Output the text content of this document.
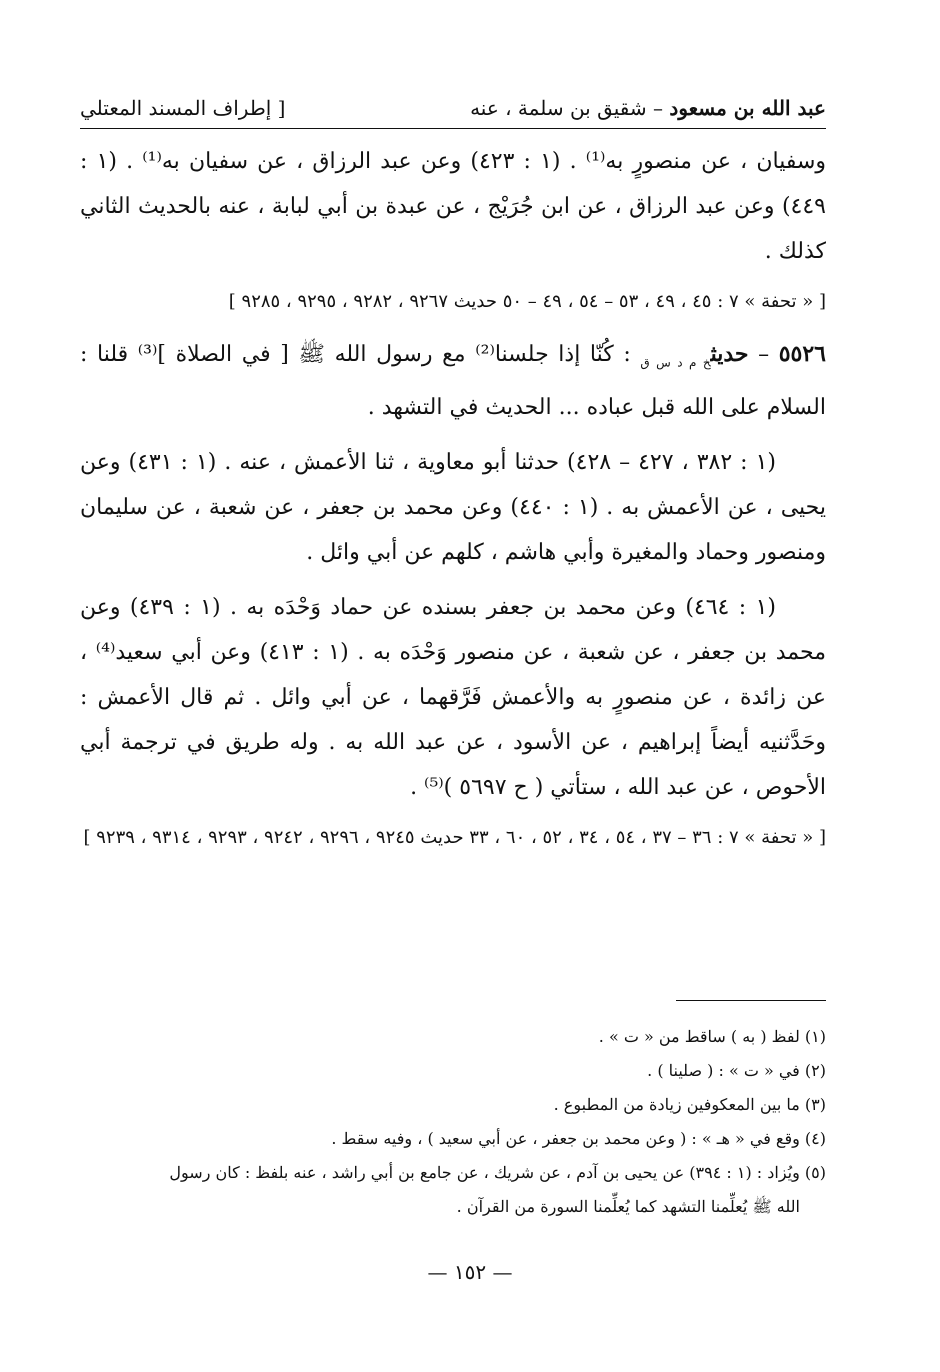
عبد الله بن مسعود – شقيق بن سلمة ، عنه
[ إطراف المسند المعتلي

وسفيان ، عن منصورٍ به⁽¹⁾ . (١ : ٤٢٣) وعن عبد الرزاق ، عن سفيان به⁽¹⁾ . (١ : ٤٤٩) وعن عبد الرزاق ، عن ابن جُرَيْج ، عن عبدة بن أبي لبابة ، عنه بالحديث الثاني كذلك .

[ « تحفة » ٧ : ٤٥ ، ٤٩ ، ٥٣ – ٥٤ ، ٤٩ – ٥٠ حديث ٩٢٦٧ ، ٩٢٨٢ ، ٩٢٩٥ ، ٩٢٨٥ ]

٥٥٢٦ – حديث$_{خ م د س ق}$ : كُنّا إذا جلسنا⁽²⁾ مع رسول الله ﷺ [ في الصلاة ]⁽³⁾ قلنا : السلام على الله قبل عباده ... الحديث في التشهد .

(١ : ٣٨٢ ، ٤٢٧ – ٤٢٨) حدثنا أبو معاوية ، ثنا الأعمش ، عنه . (١ : ٤٣١) وعن يحيى ، عن الأعمش به . (١ : ٤٤٠) وعن محمد بن جعفر ، عن شعبة ، عن سليمان ومنصور وحماد والمغيرة وأبي هاشم ، كلهم عن أبي وائل .

(١ : ٤٦٤) وعن محمد بن جعفر بسنده عن حماد وَحْدَه به . (١ : ٤٣٩) وعن محمد بن جعفر ، عن شعبة ، عن منصور وَحْدَه به . (١ : ٤١٣) وعن أبي سعيد⁽⁴⁾ ، عن زائدة ، عن منصورٍ به والأعمش فَرَّقهما ، عن أبي وائل . ثم قال الأعمش : وحَدَّثنيه أيضاً إبراهيم ، عن الأسود ، عن عبد الله به . وله طريق في ترجمة أبي الأحوص ، عن عبد الله ، ستأتي ( ح ٥٦٩٧ )⁽⁵⁾ .

[ « تحفة » ٧ : ٣٦ – ٣٧ ، ٥٤ ، ٣٤ ، ٥٢ ، ٦٠ ، ٣٣ حديث ٩٢٤٥ ، ٩٢٩٦ ، ٩٢٤٢ ، ٩٢٩٣ ، ٩٣١٤ ، ٩٢٣٩ ]

(١) لفظ ( به ) ساقط من « ت » .

(٢) في « ت » : ( صلينا ) .

(٣) ما بين المعكوفين زيادة من المطبوع .

(٤) وقع في « هـ » : ( وعن محمد بن جعفر ، عن أبي سعيد ) ، وفيه سقط .

(٥) ويُزاد : (١ : ٣٩٤) عن يحيى بن آدم ، عن شريك ، عن جامع بن أبي راشد ، عنه بلفظ : كان رسول

الله ﷺ يُعلِّمنا التشهد كما يُعلِّمنا السورة من القرآن .

— ١٥٢ —
